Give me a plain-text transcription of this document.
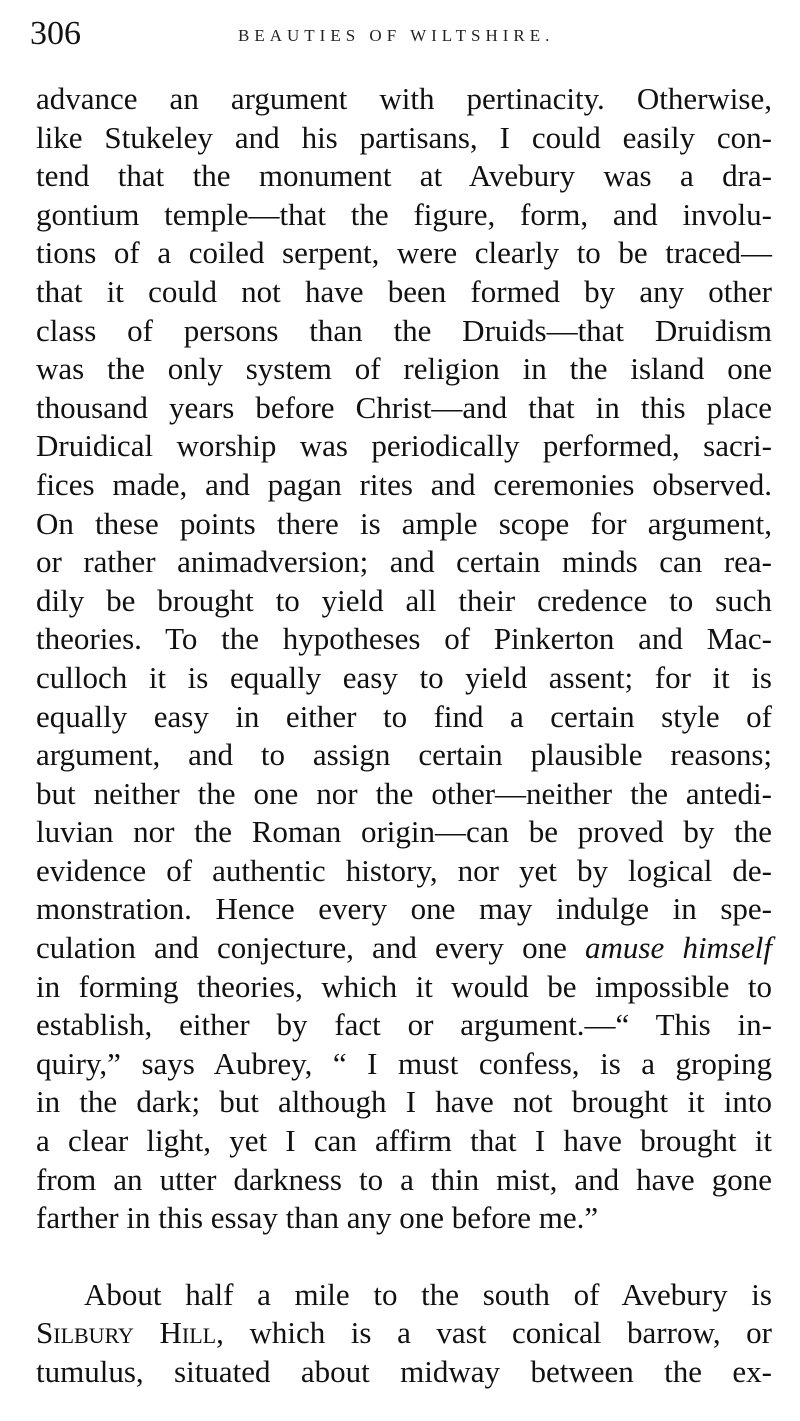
306	BEAUTIES OF WILTSHIRE.
advance an argument with pertinacity. Otherwise,
like Stukeley and his partisans, I could easily con-
tend that the monument at Avebury was a dra-
gontium temple—that the figure, form, and involu-
tions of a coiled serpent, were clearly to be traced—
that it could not have been formed by any other
class of persons than the Druids—that Druidism
was the only system of religion in the island one
thousand years before Christ—and that in this place
Druidical worship was periodically performed, sacri-
fices made, and pagan rites and ceremonies observed.
On these points there is ample scope for argument,
or rather animadversion; and certain minds can rea-
dily be brought to yield all their credence to such
theories. To the hypotheses of Pinkerton and Mac-
culloch it is equally easy to yield assent; for it is
equally easy in either to find a certain style of
argument, and to assign certain plausible reasons;
but neither the one nor the other—neither the antedi-
luvian nor the Roman origin—can be proved by the
evidence of authentic history, nor yet by logical de-
monstration. Hence every one may indulge in spe-
culation and conjecture, and every one amuse himself
in forming theories, which it would be impossible to
establish, either by fact or argument.—“ This in-
quiry,” says Aubrey, “ I must confess, is a groping
in the dark; but although I have not brought it into
a clear light, yet I can affirm that I have brought it
from an utter darkness to a thin mist, and have gone
farther in this essay than any one before me.”
About half a mile to the south of Avebury is
Silbury Hill, which is a vast conical barrow, or
tumulus, situated about midway between the ex-
